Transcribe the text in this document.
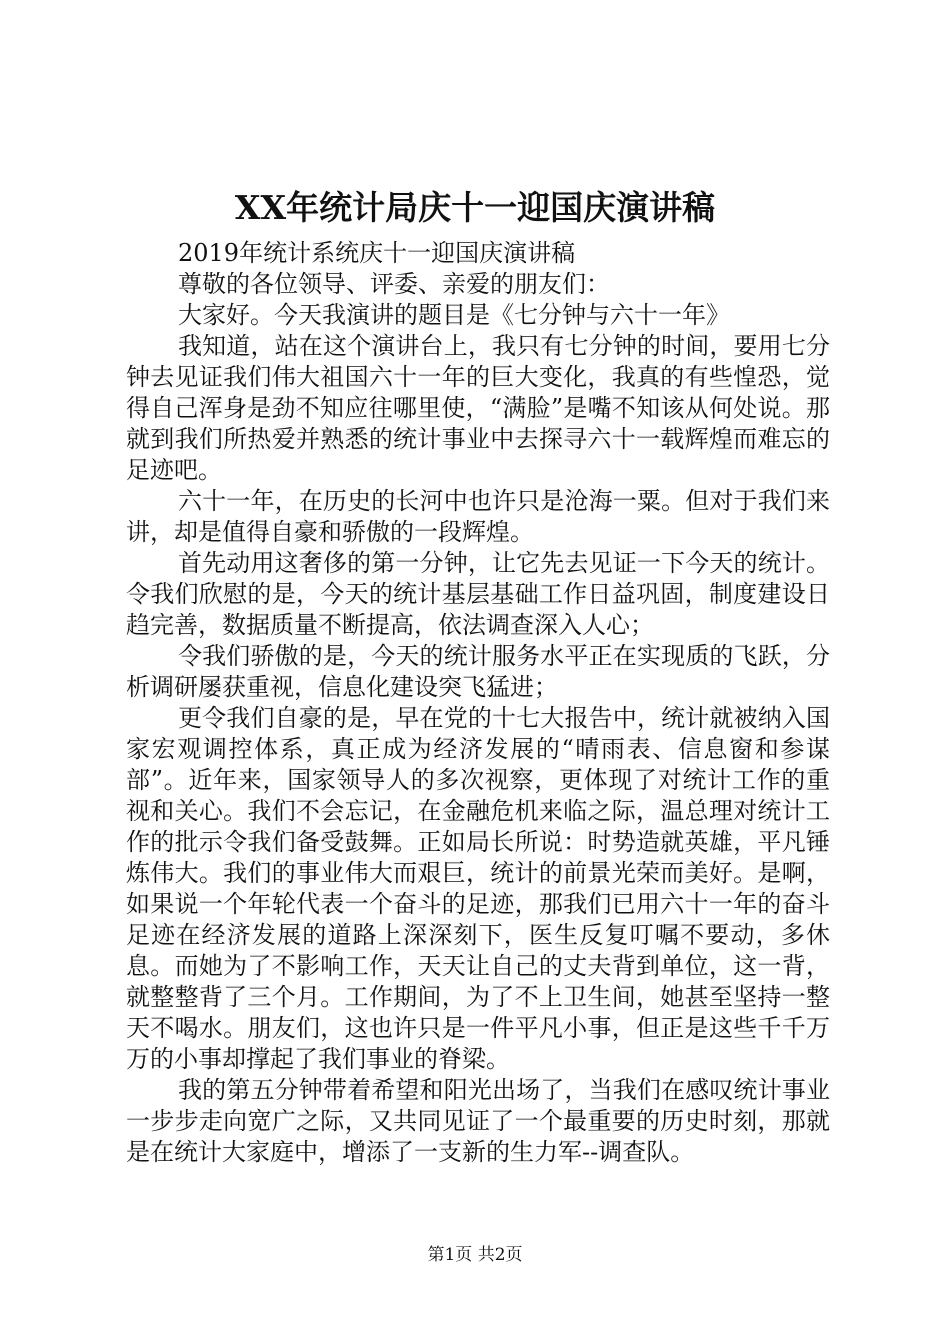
XX年统计局庆十一迎国庆演讲稿

2019年统计系统庆十一迎国庆演讲稿

尊敬的各位领导、评委、亲爱的朋友们：

大家好。今天我演讲的题目是《七分钟与六十一年》

我知道，站在这个演讲台上，我只有七分钟的时间，要用七分钟去见证我们伟大祖国六十一年的巨大变化，我真的有些惶恐，觉得自己浑身是劲不知应往哪里使，“满脸”是嘴不知该从何处说。那就到我们所热爱并熟悉的统计事业中去探寻六十一载辉煌而难忘的足迹吧。

六十一年，在历史的长河中也许只是沧海一粟。但对于我们来讲，却是值得自豪和骄傲的一段辉煌。

首先动用这奢侈的第一分钟，让它先去见证一下今天的统计。令我们欣慰的是，今天的统计基层基础工作日益巩固，制度建设日趋完善，数据质量不断提高，依法调查深入人心；

令我们骄傲的是，今天的统计服务水平正在实现质的飞跃，分析调研屡获重视，信息化建设突飞猛进；

更令我们自豪的是，早在党的十七大报告中，统计就被纳入国家宏观调控体系，真正成为经济发展的“晴雨表、信息窗和参谋部”。近年来，国家领导人的多次视察，更体现了对统计工作的重视和关心。我们不会忘记，在金融危机来临之际，温总理对统计工作的批示令我们备受鼓舞。正如局长所说：时势造就英雄，平凡锤炼伟大。我们的事业伟大而艰巨，统计的前景光荣而美好。是啊，如果说一个年轮代表一个奋斗的足迹，那我们已用六十一年的奋斗足迹在经济发展的道路上深深刻下，医生反复叮嘱不要动，多休息。而她为了不影响工作，天天让自己的丈夫背到单位，这一背，就整整背了三个月。工作期间，为了不上卫生间，她甚至坚持一整天不喝水。朋友们，这也许只是一件平凡小事，但正是这些千千万万的小事却撑起了我们事业的脊梁。

我的第五分钟带着希望和阳光出场了，当我们在感叹统计事业一步步走向宽广之际，又共同见证了一个最重要的历史时刻，那就是在统计大家庭中，增添了一支新的生力军--调查队。

第1页 共2页
